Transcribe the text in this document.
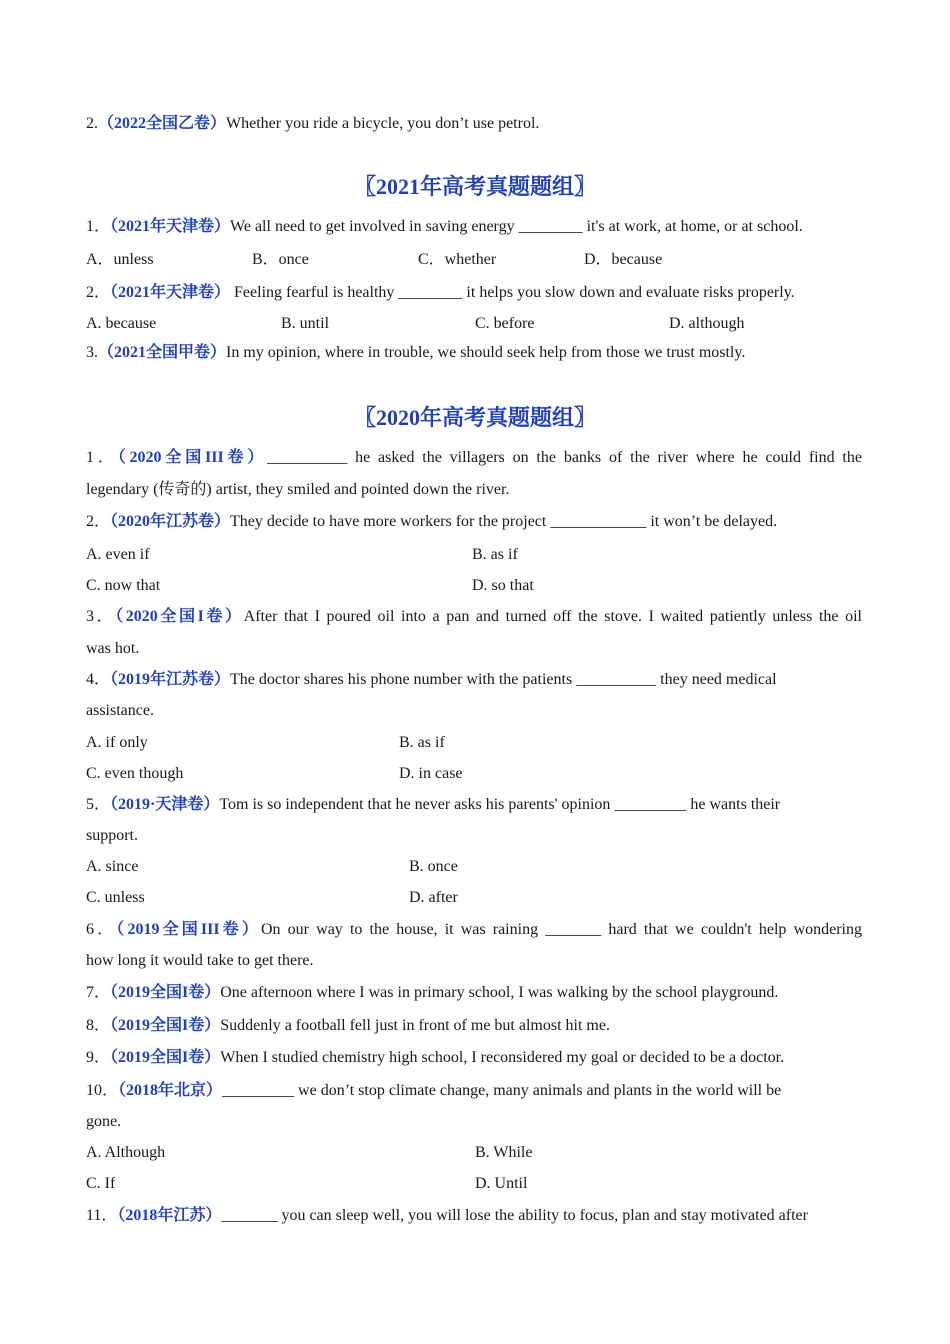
2.（2022全国乙卷）Whether you ride a bicycle, you don’t use petrol.
〖2021年高考真题题组〗
1．（2021年天津卷）We all need to get involved in saving energy ________ it's at work, at home, or at school.
A．unless	B．once	C．whether	D．because
2．（2021年天津卷） Feeling fearful is healthy ________ it helps you slow down and evaluate risks properly.
A. because	B. until	C. before	D. although
3.（2021全国甲卷）In my opinion, where in trouble, we should seek help from those we trust mostly.
〖2020年高考真题题组〗
1．（2020全国III卷）__________ he asked the villagers on the banks of the river where he could find the
legendary (传奇的) artist, they smiled and pointed down the river.
2．（2020年江苏卷）They decide to have more workers for the project ____________ it won’t be delayed.
A. even if	B. as if
C. now that	D. so that
3．（2020全国I卷）After that I poured oil into a pan and turned off the stove. I waited patiently unless the oil
was hot.
4．（2019年江苏卷）The doctor shares his phone number with the patients __________ they need medical
assistance.
A. if only	B. as if
C. even though	D. in case
5．（2019·天津卷）Tom is so independent that he never asks his parents' opinion _________ he wants their
support.
A. since	B. once
C. unless	D. after
6．（2019全国III卷）On our way to the house, it was raining _______ hard that we couldn't help wondering
how long it would take to get there.
7．（2019全国I卷）One afternoon where I was in primary school, I was walking by the school playground.
8．（2019全国I卷）Suddenly a football fell just in front of me but almost hit me.
9．（2019全国I卷）When I studied chemistry high school, I reconsidered my goal or decided to be a doctor.
10．（2018年北京）_________ we don’t stop climate change, many animals and plants in the world will be
gone.
A. Although	B. While
C. If	D. Until
11．（2018年江苏）_______ you can sleep well, you will lose the ability to focus, plan and stay motivated after
